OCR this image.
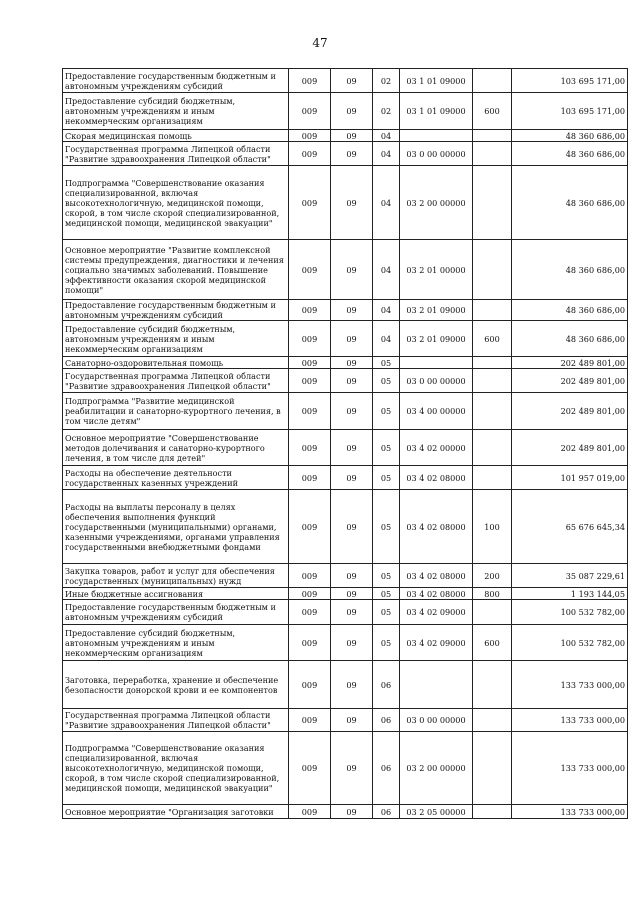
47
Предоставление государственным бюджетным и автономным учреждениям субсидий	009	09	02	03 1 01 09000		103 695 171,00
Предоставление субсидий бюджетным, автономным учреждениям и иным некоммерческим организациям	009	09	02	03 1 01 09000	600	103 695 171,00
Скорая медицинская помощь	009	09	04			48 360 686,00
Государственная программа Липецкой области "Развитие здравоохранения Липецкой области"	009	09	04	03 0 00 00000		48 360 686,00
Подпрограмма "Совершенствование оказания специализированной, включая высокотехнологичную, медицинской помощи, скорой, в том числе скорой специализированной, медицинской помощи, медицинской эвакуации"	009	09	04	03 2 00 00000		48 360 686,00
Основное мероприятие "Развитие комплексной системы предупреждения, диагностики и лечения социально значимых заболеваний. Повышение эффективности оказания скорой медицинской помощи"	009	09	04	03 2 01 00000		48 360 686,00
Предоставление государственным бюджетным и автономным учреждениям субсидий	009	09	04	03 2 01 09000		48 360 686,00
Предоставление субсидий бюджетным, автономным учреждениям и иным некоммерческим организациям	009	09	04	03 2 01 09000	600	48 360 686,00
Санаторно-оздоровительная помощь	009	09	05			202 489 801,00
Государственная программа Липецкой области "Развитие здравоохранения Липецкой области"	009	09	05	03 0 00 00000		202 489 801,00
Подпрограмма "Развитие медицинской реабилитации и санаторно-курортного лечения, в том числе детям"	009	09	05	03 4 00 00000		202 489 801,00
Основное мероприятие "Совершенствование методов долечивания и санаторно-курортного лечения, в том числе для детей"	009	09	05	03 4 02 00000		202 489 801,00
Расходы на обеспечение деятельности государственных казенных учреждений	009	09	05	03 4 02 08000		101 957 019,00
Расходы на выплаты персоналу в целях обеспечения выполнения функций государственными (муниципальными) органами, казенными учреждениями, органами управления государственными внебюджетными фондами	009	09	05	03 4 02 08000	100	65 676 645,34
Закупка товаров, работ и услуг для обеспечения государственных (муниципальных) нужд	009	09	05	03 4 02 08000	200	35 087 229,61
Иные бюджетные ассигнования	009	09	05	03 4 02 08000	800	1 193 144,05
Предоставление государственным бюджетным и автономным учреждениям субсидий	009	09	05	03 4 02 09000		100 532 782,00
Предоставление субсидий бюджетным, автономным учреждениям и иным некоммерческим организациям	009	09	05	03 4 02 09000	600	100 532 782,00
Заготовка, переработка, хранение и обеспечение безопасности донорской крови и ее компонентов	009	09	06			133 733 000,00
Государственная программа Липецкой области "Развитие здравоохранения Липецкой области"	009	09	06	03 0 00 00000		133 733 000,00
Подпрограмма "Совершенствование оказания специализированной, включая высокотехнологичную, медицинской помощи, скорой, в том числе скорой специализированной, медицинской помощи, медицинской эвакуации"	009	09	06	03 2 00 00000		133 733 000,00
Основное мероприятие "Организация заготовки	009	09	06	03 2 05 00000		133 733 000,00
